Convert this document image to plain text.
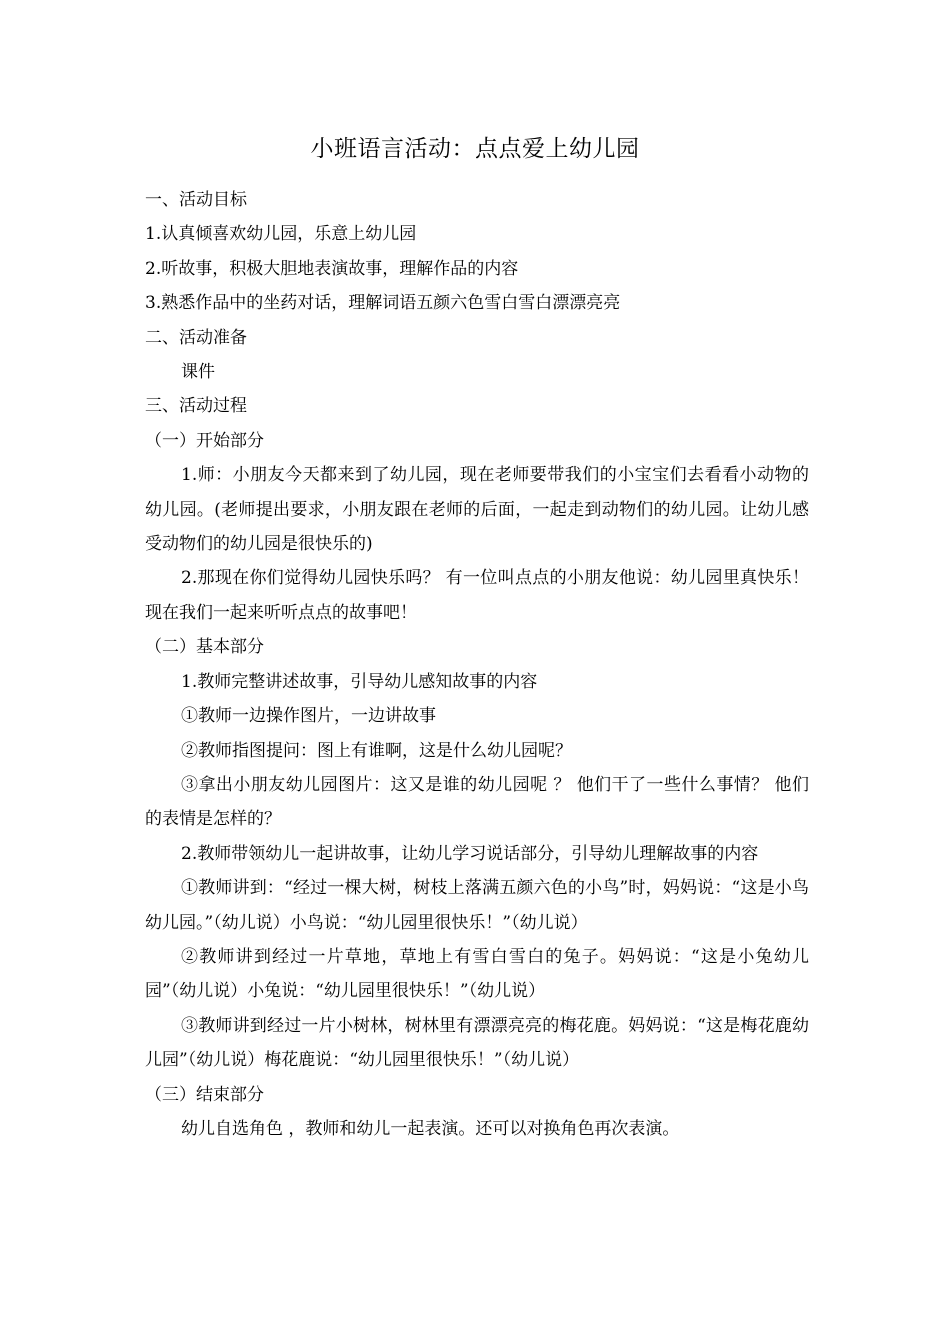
小班语言活动：点点爱上幼儿园

一、活动目标

1.认真倾喜欢幼儿园，乐意上幼儿园

2.听故事，积极大胆地表演故事，理解作品的内容

3.熟悉作品中的坐药对话，理解词语五颜六色雪白雪白漂漂亮亮

二、活动准备

课件

三、活动过程

（一）开始部分

1.师：小朋友今天都来到了幼儿园，现在老师要带我们的小宝宝们去看看小动物的幼儿园。(老师提出要求，小朋友跟在老师的后面，一起走到动物们的幼儿园。让幼儿感受动物们的幼儿园是很快乐的)

2.那现在你们觉得幼儿园快乐吗？ 有一位叫点点的小朋友他说：幼儿园里真快乐！现在我们一起来听听点点的故事吧！

（二）基本部分

1.教师完整讲述故事，引导幼儿感知故事的内容

①教师一边操作图片，一边讲故事

②教师指图提问：图上有谁啊，这是什么幼儿园呢？

③拿出小朋友幼儿园图片：这又是谁的幼儿园呢 ？ 他们干了一些什么事情？ 他们的表情是怎样的？

2.教师带领幼儿一起讲故事，让幼儿学习说话部分，引导幼儿理解故事的内容

①教师讲到：“经过一棵大树，树枝上落满五颜六色的小鸟”时，妈妈说：“这是小鸟幼儿园。”（幼儿说）小鸟说：“幼儿园里很快乐！”（幼儿说）

②教师讲到经过一片草地，草地上有雪白雪白的兔子。妈妈说：“这是小兔幼儿园”（幼儿说）小兔说：“幼儿园里很快乐！”（幼儿说）

③教师讲到经过一片小树林，树林里有漂漂亮亮的梅花鹿。妈妈说：“这是梅花鹿幼儿园”（幼儿说）梅花鹿说：“幼儿园里很快乐！”（幼儿说）

（三）结束部分

幼儿自选角色 ，教师和幼儿一起表演。还可以对换角色再次表演。
